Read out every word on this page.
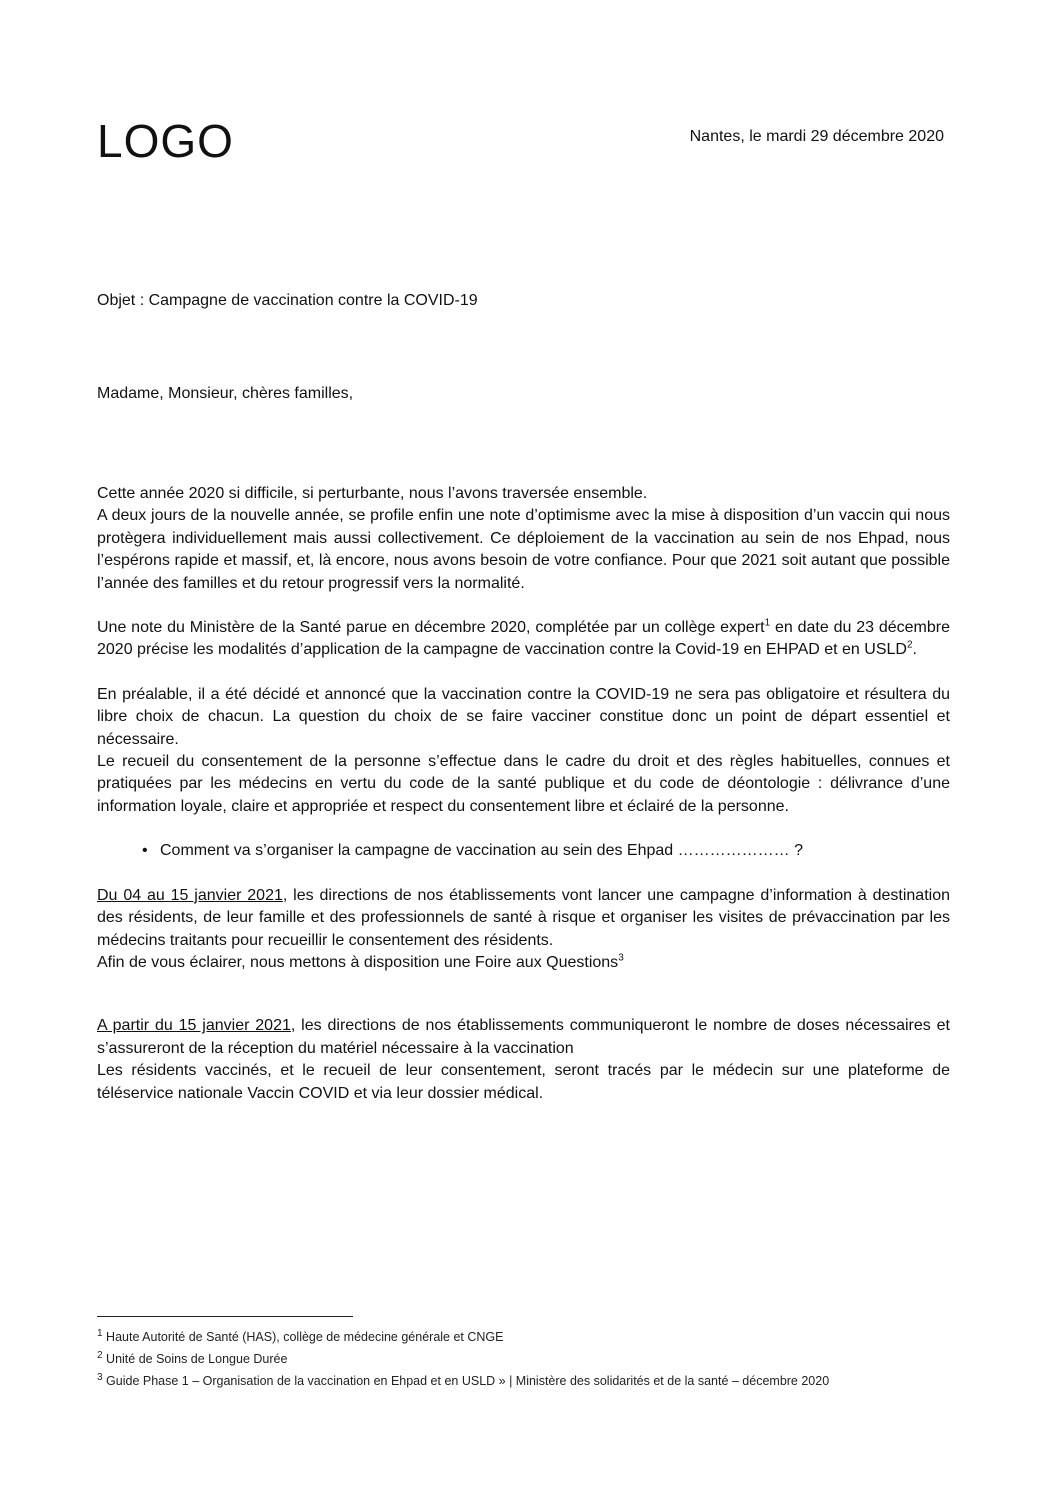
LOGO	Nantes, le mardi 29 décembre 2020
Objet : Campagne de vaccination contre la COVID-19
Madame, Monsieur, chères familles,

Cette année 2020 si difficile, si perturbante, nous l’avons traversée ensemble.

A deux jours de la nouvelle année, se profile enfin une note d’optimisme avec la mise à disposition d’un vaccin qui nous protègera individuellement mais aussi collectivement. Ce déploiement de la vaccination au sein de nos Ehpad, nous l’espérons rapide et massif, et, là encore, nous avons besoin de votre confiance. Pour que 2021 soit autant que possible l’année des familles et du retour progressif vers la normalité.

Une note du Ministère de la Santé parue en décembre 2020, complétée par un collège expert$^1$ en date du 23 décembre 2020 précise les modalités d’application de la campagne de vaccination contre la Covid-19 en EHPAD et en USLD$^2$.

En préalable, il a été décidé et annoncé que la vaccination contre la COVID-19 ne sera pas obligatoire et résultera du libre choix de chacun. La question du choix de se faire vacciner constitue donc un point de départ essentiel et nécessaire.

Le recueil du consentement de la personne s’effectue dans le cadre du droit et des règles habituelles, connues et pratiquées par les médecins en vertu du code de la santé publique et du code de déontologie : délivrance d’une information loyale, claire et appropriée et respect du consentement libre et éclairé de la personne.

• Comment va s’organiser la campagne de vaccination au sein des Ehpad ………………… ?

Du 04 au 15 janvier 2021, les directions de nos établissements vont lancer une campagne d’information à destination des résidents, de leur famille et des professionnels de santé à risque et organiser les visites de prévaccination par les médecins traitants pour recueillir le consentement des résidents.

Afin de vous éclairer, nous mettons à disposition une Foire aux Questions$^3$

A partir du 15 janvier 2021, les directions de nos établissements communiqueront le nombre de doses nécessaires et s’assureront de la réception du matériel nécessaire à la vaccination

Les résidents vaccinés, et le recueil de leur consentement, seront tracés par le médecin sur une plateforme de téléservice nationale Vaccin COVID et via leur dossier médical.

$^1$ Haute Autorité de Santé (HAS), collège de médecine générale et CNGE
$^2$ Unité de Soins de Longue Durée
$^3$ Guide Phase 1 – Organisation de la vaccination en Ehpad et en USLD » | Ministère des solidarités et de la santé – décembre 2020
